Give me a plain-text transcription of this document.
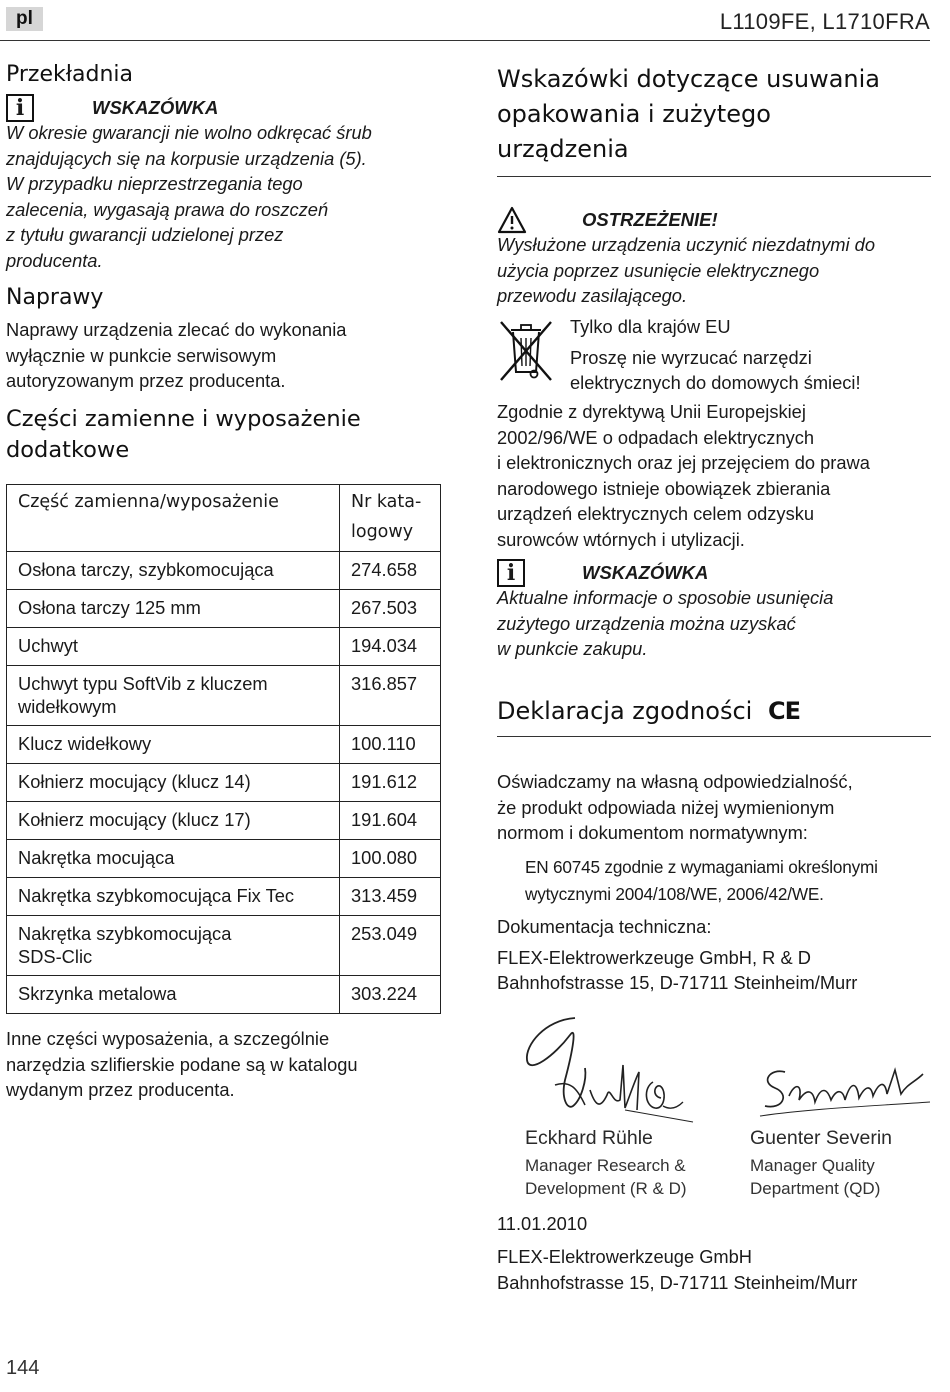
pl	L1109FE, L1710FRA
Przekładnia
i	WSKAZÓWKA
W okresie gwarancji nie wolno odkręcać śrub
znajdujących się na korpusie urządzenia (5).
W przypadku nieprzestrzegania tego
zalecenia, wygasają prawa do roszczeń
z tytułu gwarancji udzielonej przez
producenta.
Naprawy
Naprawy urządzenia zlecać do wykonania
wyłącznie w punkcie serwisowym
autoryzowanym przez producenta.
Części zamienne i wyposażenie
dodatkowe
Część zamienna/wyposażenie	Nr kata-
logowy

Osłona tarczy, szybkomocująca	274.658
Osłona tarczy 125 mm	267.503
Uchwyt	194.034

Uchwyt typu SoftVib z kluczem
widełkowym	316.857
Klucz widełkowy	100.110
Kołnierz mocujący (klucz 14)	191.612
Kołnierz mocujący (klucz 17)	191.604
Nakrętka mocująca	100.080
Nakrętka szybkomocująca Fix Tec	313.459

Nakrętka szybkomocująca
SDS-Clic	253.049
Skrzynka metalowa	303.224
Inne części wyposażenia, a szczególnie
narzędzia szlifierskie podane są w katalogu
wydanym przez producenta.
Wskazówki dotyczące usuwania
opakowania i zużytego
urządzenia
OSTRZEŻENIE!
Wysłużone urządzenia uczynić niezdatnymi do
użycia poprzez usunięcie elektrycznego
przewodu zasilającego.
Tylko dla krajów EU
Proszę nie wyrzucać narzędzi
elektrycznych do domowych śmieci!
Zgodnie z dyrektywą Unii Europejskiej
2002/96/WE o odpadach elektrycznych
i elektronicznych oraz jej przejęciem do prawa
narodowego istnieje obowiązek zbierania
urządzeń elektrycznych celem odzysku
surowców wtórnych i utylizacji.
i	WSKAZÓWKA
Aktualne informacje o sposobie usunięcia
zużytego urządzenia można uzyskać
w punkcie zakupu.
Deklaracja zgodności CE
Oświadczamy na własną odpowiedzialność,
że produkt odpowiada niżej wymienionym
normom i dokumentom normatywnym:
EN 60745 zgodnie z wymaganiami określonymi
wytycznymi 2004/108/WE, 2006/42/WE.
Dokumentacja techniczna:
FLEX-Elektrowerkzeuge GmbH, R & D
Bahnhofstrasse 15, D-71711 Steinheim/Murr
Eckhard Rühle
Manager Research &
Development (R & D)
Guenter Severin
Manager Quality
Department (QD)
11.01.2010
FLEX-Elektrowerkzeuge GmbH
Bahnhofstrasse 15, D-71711 Steinheim/Murr
144
